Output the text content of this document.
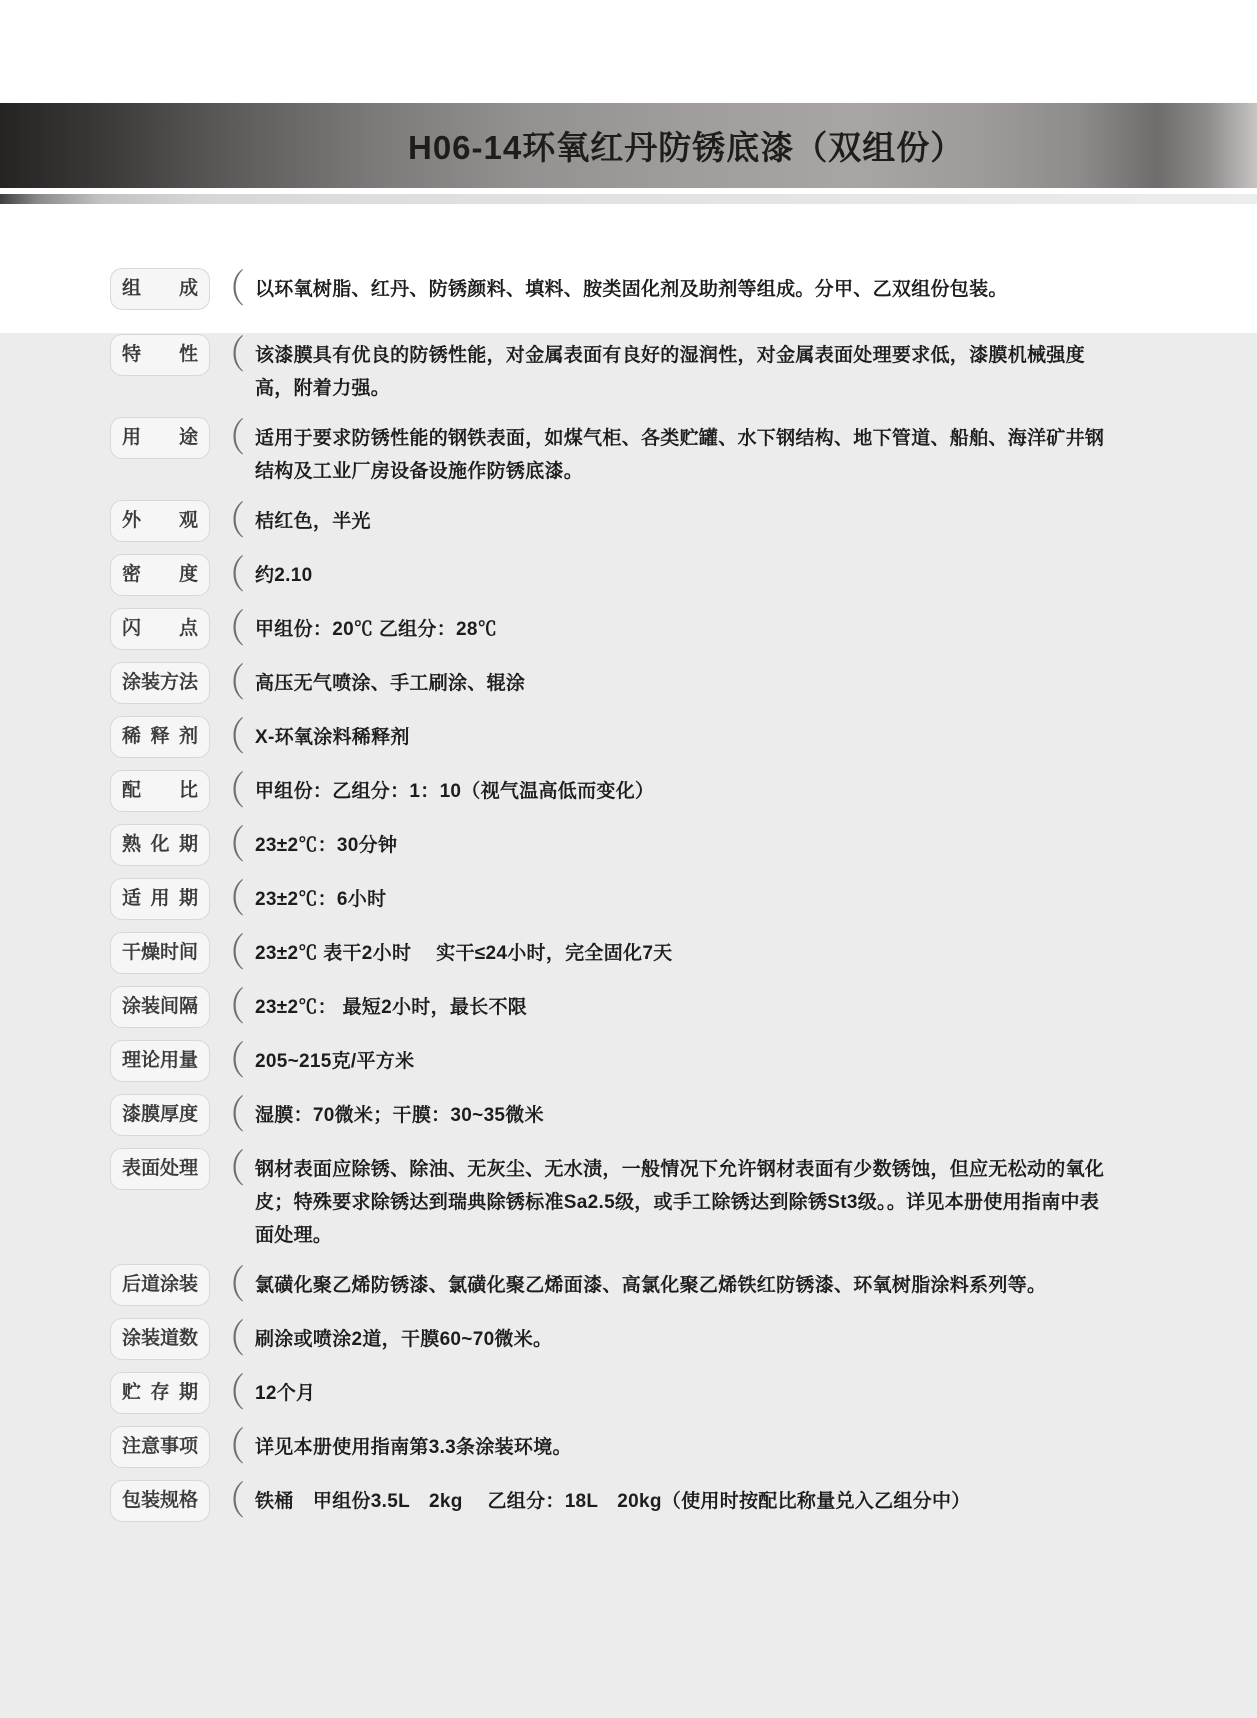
H06-14环氧红丹防锈底漆（双组份）
组　成 （ 以环氧树脂、红丹、防锈颜料、填料、胺类固化剂及助剂等组成。分甲、乙双组份包装。
特　性 （ 该漆膜具有优良的防锈性能，对金属表面有良好的湿润性，对金属表面处理要求低，漆膜机械强度高，附着力强。
用　途 （ 适用于要求防锈性能的钢铁表面，如煤气柜、各类贮罐、水下钢结构、地下管道、船舶、海洋矿井钢结构及工业厂房设备设施作防锈底漆。
外　观 （ 桔红色，半光
密　度 （ 约2.10
闪　点 （ 甲组份：20℃ 乙组分：28℃
涂装方法 （ 高压无气喷涂、手工刷涂、辊涂
稀 释 剂 （ X-环氧涂料稀释剂
配　比 （ 甲组份：乙组分：1：10（视气温高低而变化）
熟 化 期 （ 23±2℃：30分钟
适 用 期 （ 23±2℃：6小时
干燥时间 （ 23±2℃ 表干2小时　 实干≤24小时，完全固化7天
涂装间隔 （ 23±2℃： 最短2小时，最长不限
理论用量 （ 205~215克/平方米
漆膜厚度 （ 湿膜：70微米；干膜：30~35微米
表面处理 （ 钢材表面应除锈、除油、无灰尘、无水渍，一般情况下允许钢材表面有少数锈蚀，但应无松动的氧化皮；特殊要求除锈达到瑞典除锈标准Sa2.5级，或手工除锈达到除锈St3级。。详见本册使用指南中表面处理。
后道涂装 （ 氯磺化聚乙烯防锈漆、氯磺化聚乙烯面漆、高氯化聚乙烯铁红防锈漆、环氧树脂涂料系列等。
涂装道数 （ 刷涂或喷涂2道，干膜60~70微米。
贮 存 期 （ 12个月
注意事项 （ 详见本册使用指南第3.3条涂装环境。
包装规格 （ 铁桶　甲组份3.5L　2kg　 乙组分：18L　20kg（使用时按配比称量兑入乙组分中）
